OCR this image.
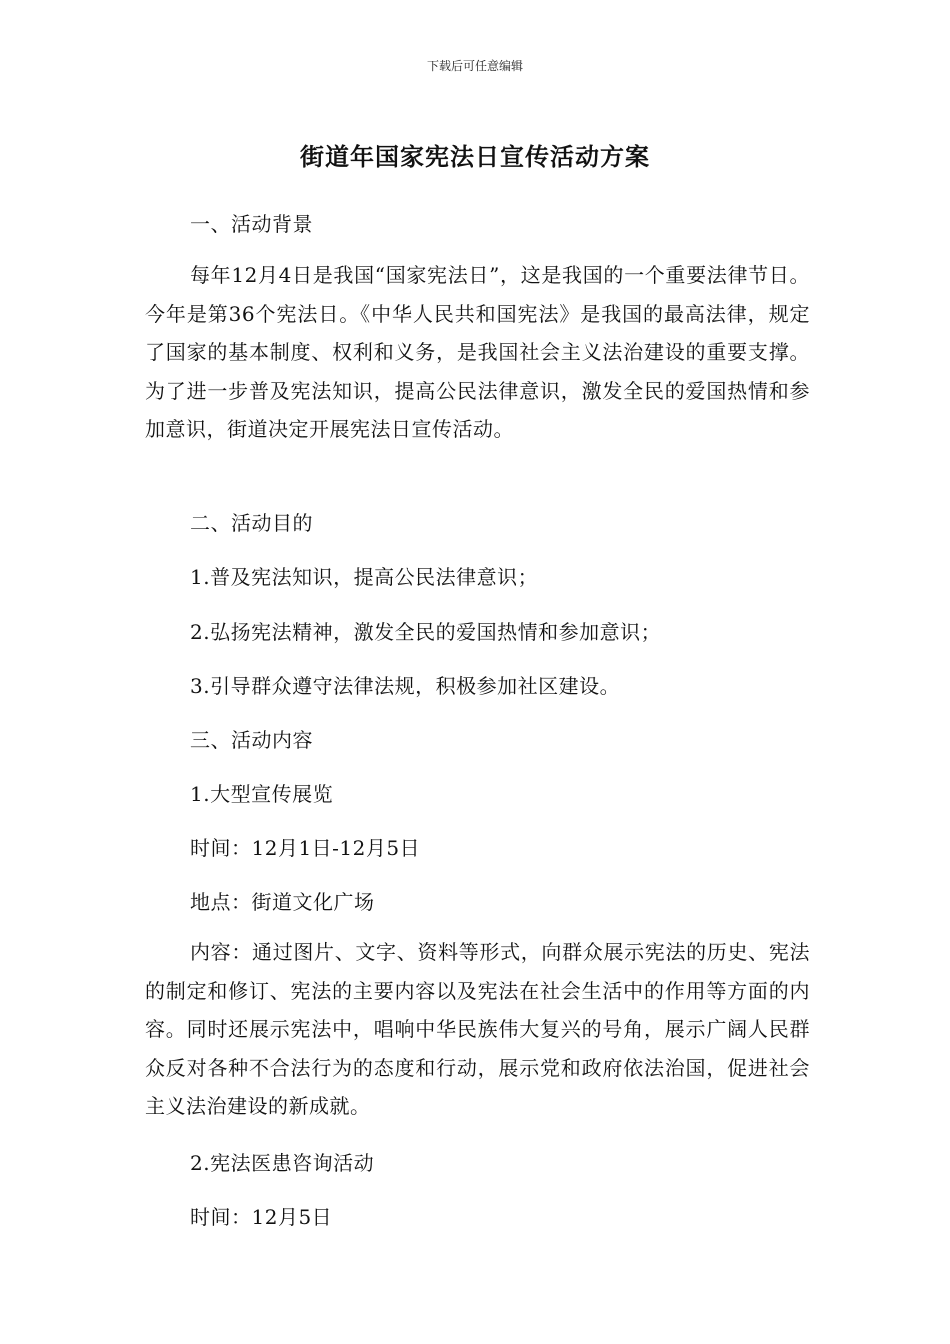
下载后可任意编辑
街道年国家宪法日宣传活动方案
一、活动背景
每年12月4日是我国“国家宪法日”，这是我国的一个重要法律节日。今年是第36个宪法日。《中华人民共和国宪法》是我国的最高法律，规定了国家的基本制度、权利和义务，是我国社会主义法治建设的重要支撑。为了进一步普及宪法知识，提高公民法律意识，激发全民的爱国热情和参加意识，街道决定开展宪法日宣传活动。
二、活动目的
1.普及宪法知识，提高公民法律意识；
2.弘扬宪法精神，激发全民的爱国热情和参加意识；
3.引导群众遵守法律法规，积极参加社区建设。
三、活动内容
1.大型宣传展览
时间：12月1日-12月5日
地点：街道文化广场
内容：通过图片、文字、资料等形式，向群众展示宪法的历史、宪法的制定和修订、宪法的主要内容以及宪法在社会生活中的作用等方面的内容。同时还展示宪法中，唱响中华民族伟大复兴的号角，展示广阔人民群众反对各种不合法行为的态度和行动，展示党和政府依法治国，促进社会主义法治建设的新成就。
2.宪法医患咨询活动
时间：12月5日
